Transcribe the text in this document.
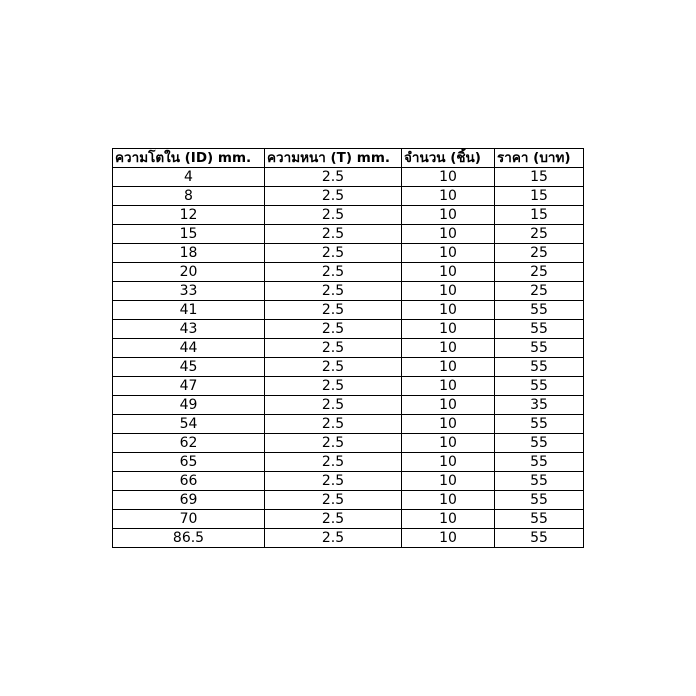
ความโตใน (ID) mm.	ความหนา (T) mm.	จำนวน (ชิ้น)	ราคา (บาท)
4	2.5	10	15
8	2.5	10	15
12	2.5	10	15
15	2.5	10	25
18	2.5	10	25
20	2.5	10	25
33	2.5	10	25
41	2.5	10	55
43	2.5	10	55
44	2.5	10	55
45	2.5	10	55
47	2.5	10	55
49	2.5	10	35
54	2.5	10	55
62	2.5	10	55
65	2.5	10	55
66	2.5	10	55
69	2.5	10	55
70	2.5	10	55
86.5	2.5	10	55
